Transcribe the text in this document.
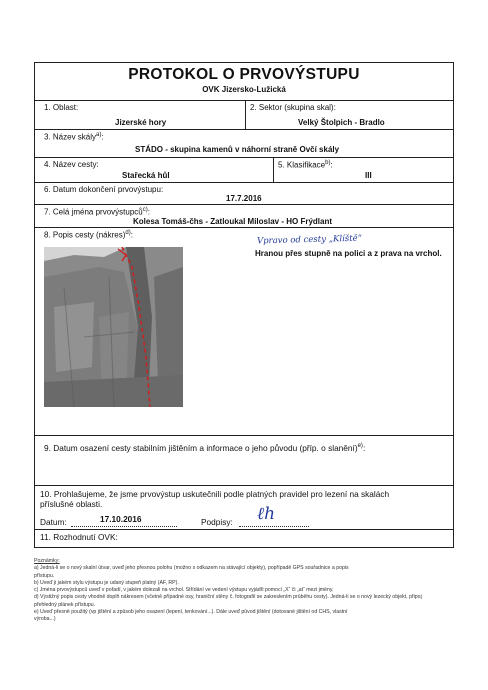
PROTOKOL O PRVOVÝSTUPU
OVK Jizersko-Lužická
1. Oblast:
Jizerské hory
2. Sektor (skupina skal):
Velký Štolpich - Bradlo
3. Název skály$^{a)}$:
STÁDO - skupina kamenů v náhorní straně Ovčí skály
4. Název cesty:
Stařecká hůl
5. Klasifikace$^{b)}$:
III
6. Datum dokončení prvovýstupu:
17.7.2016
7. Celá jména prvovýstupců$^{c)}$:
Kolesa Tomáš-čhs - Zatloukal Miloslav - HO Frýdlant
8. Popis cesty (nákres)$^{d)}$:	Vpravo od cesty „Klíště“
Hranou přes stupně na polici a z prava na vrchol.
9. Datum osazení cesty stabilním jištěním a informace o jeho původu (příp. o slanění)$^{e)}$:
10. Prohlašujeme, že jsme prvovýstup uskutečnili podle platných pravidel pro lezení na skalách
příslušné oblasti.
Datum:	17.10.2016	Podpisy: ℓh
11. Rozhodnutí OVK:
Poznámky:
a) Jedná-li se o nový skalní útvar, uveď jeho přesnou polohu (možno s odkazem na stávající objekty), popřípadě GPS souřadnice a popis
přístupu.
b) Uveď ji jakém stylu výstupu je udaný stupeň platný (AF, RP).
c) Jména prvovýstupců uveď v pořadí, v jakém dolezali na vrchol. Střídání ve vedení výstupu vyjádři pomocí „X“ či „at“ mezi jmény.
d) Výstižný popis cesty vhodně doplň nákresem (včetně případné osy, hraniční stěny č. fotografií se zakreslením průběhu cesty). Jedná-li se o nový lezecký objekt, připoj
přehledný plánek přístupu.
e) Uveď přesně použitý (vp jištění a způsob jeho osazení (lepení, tenkování...). Dále uveď původ jištění (dotované jištění od ČHS, vlastní
výroba...)
